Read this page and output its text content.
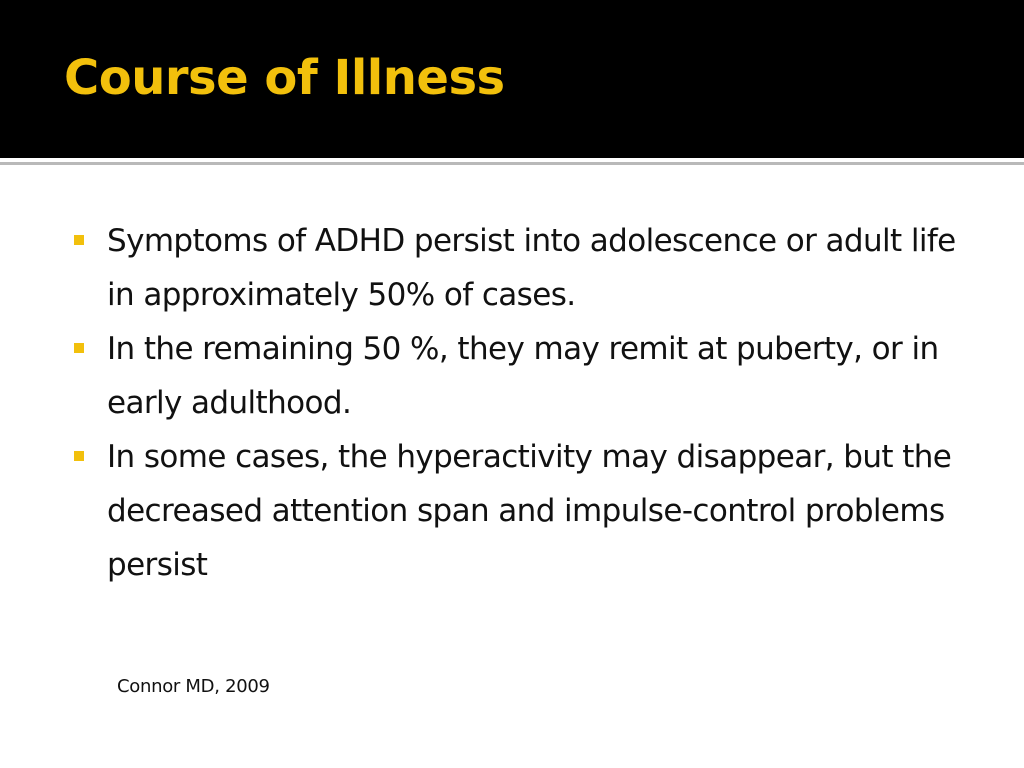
Course of Illness
Symptoms of ADHD persist into adolescence or adult life in approximately 50% of cases.
In the remaining 50 %, they may remit at puberty, or in early adulthood.
In some cases, the hyperactivity may disappear, but the decreased attention span and impulse-control problems persist
Connor MD, 2009
